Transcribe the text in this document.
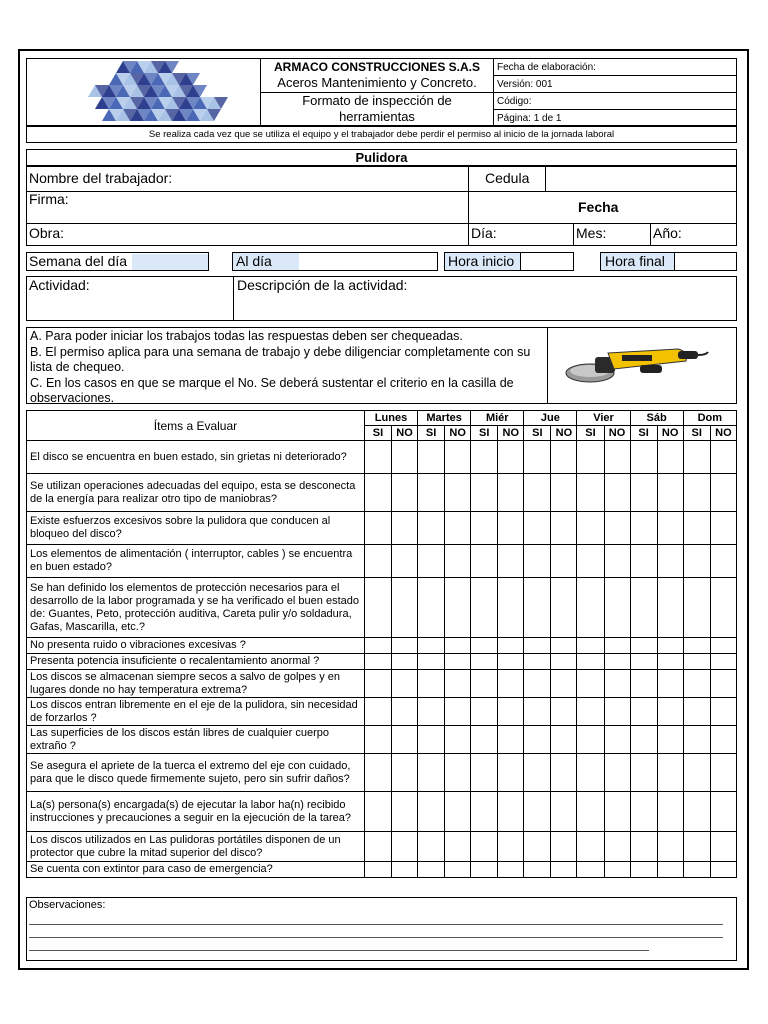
ARMACO CONSTRUCCIONES S.A.S
Aceros Mantenimiento y Concreto.
Formato de inspección de herramientas
Fecha de elaboración:
Versión: 001
Código:
Página: 1 de 1
Se realiza cada vez que se utiliza el equipo y el trabajador debe perdir el permiso al inicio de la jornada laboral
Pulidora
Nombre del trabajador:	Cedula
Firma:	Fecha
Obra:	Día:	Mes:	Año:
Semana del día	Al día	Hora inicio	Hora final
Actividad:	Descripción de la actividad:
A. Para poder iniciar los trabajos todas las respuestas deben ser chequeadas.
B. El permiso aplica para una semana de trabajo y debe diligenciar completamente con su lista de chequeo.
C. En los casos en que se marque el No. Se deberá sustentar el criterio en la casilla de observaciones.
Ítems a Evaluar	Lunes		Martes		Miér		Jue		Vier		Sáb		Dom	
	SI	NO	SI	NO	SI	NO	SI	NO	SI	NO	SI	NO	SI	NO
El disco se encuentra en buen estado, sin grietas ni deteriorado?														
Se utilizan operaciones adecuadas del equipo, esta se desconecta de la energía para realizar otro tipo de maniobras?														
Existe esfuerzos excesivos sobre la pulidora que conducen al bloqueo del disco?														
Los elementos de alimentación ( interruptor, cables ) se encuentra en buen estado?														
Se han definido los elementos de protección necesarios para el desarrollo de la labor programada y se ha verificado el buen estado de: Guantes, Peto, protección auditiva, Careta pulir y/o soldadura, Gafas, Mascarilla, etc.?														
No presenta ruido o vibraciones excesivas ?														
Presenta potencia insuficiente o recalentamiento anormal ?														
Los discos se almacenan siempre secos a salvo de golpes y en lugares donde no hay temperatura extrema?														
Los discos entran libremente en el eje de la pulidora, sin necesidad de forzarlos ?														
Las superficies de los discos están libres de cualquier cuerpo extraño ?														
Se asegura el apriete de la tuerca el extremo del eje con cuidado, para que le disco quede firmemente sujeto, pero sin sufrir daños?														
La(s) persona(s) encargada(s) de ejecutar la labor ha(n) recibido instrucciones y precauciones a seguir en la ejecución de la tarea?														
Los discos utilizados en Las pulidoras portátiles disponen de un protector que cubre la mitad superior del disco?														
Se cuenta con extintor para caso de emergencia?														
Observaciones:
